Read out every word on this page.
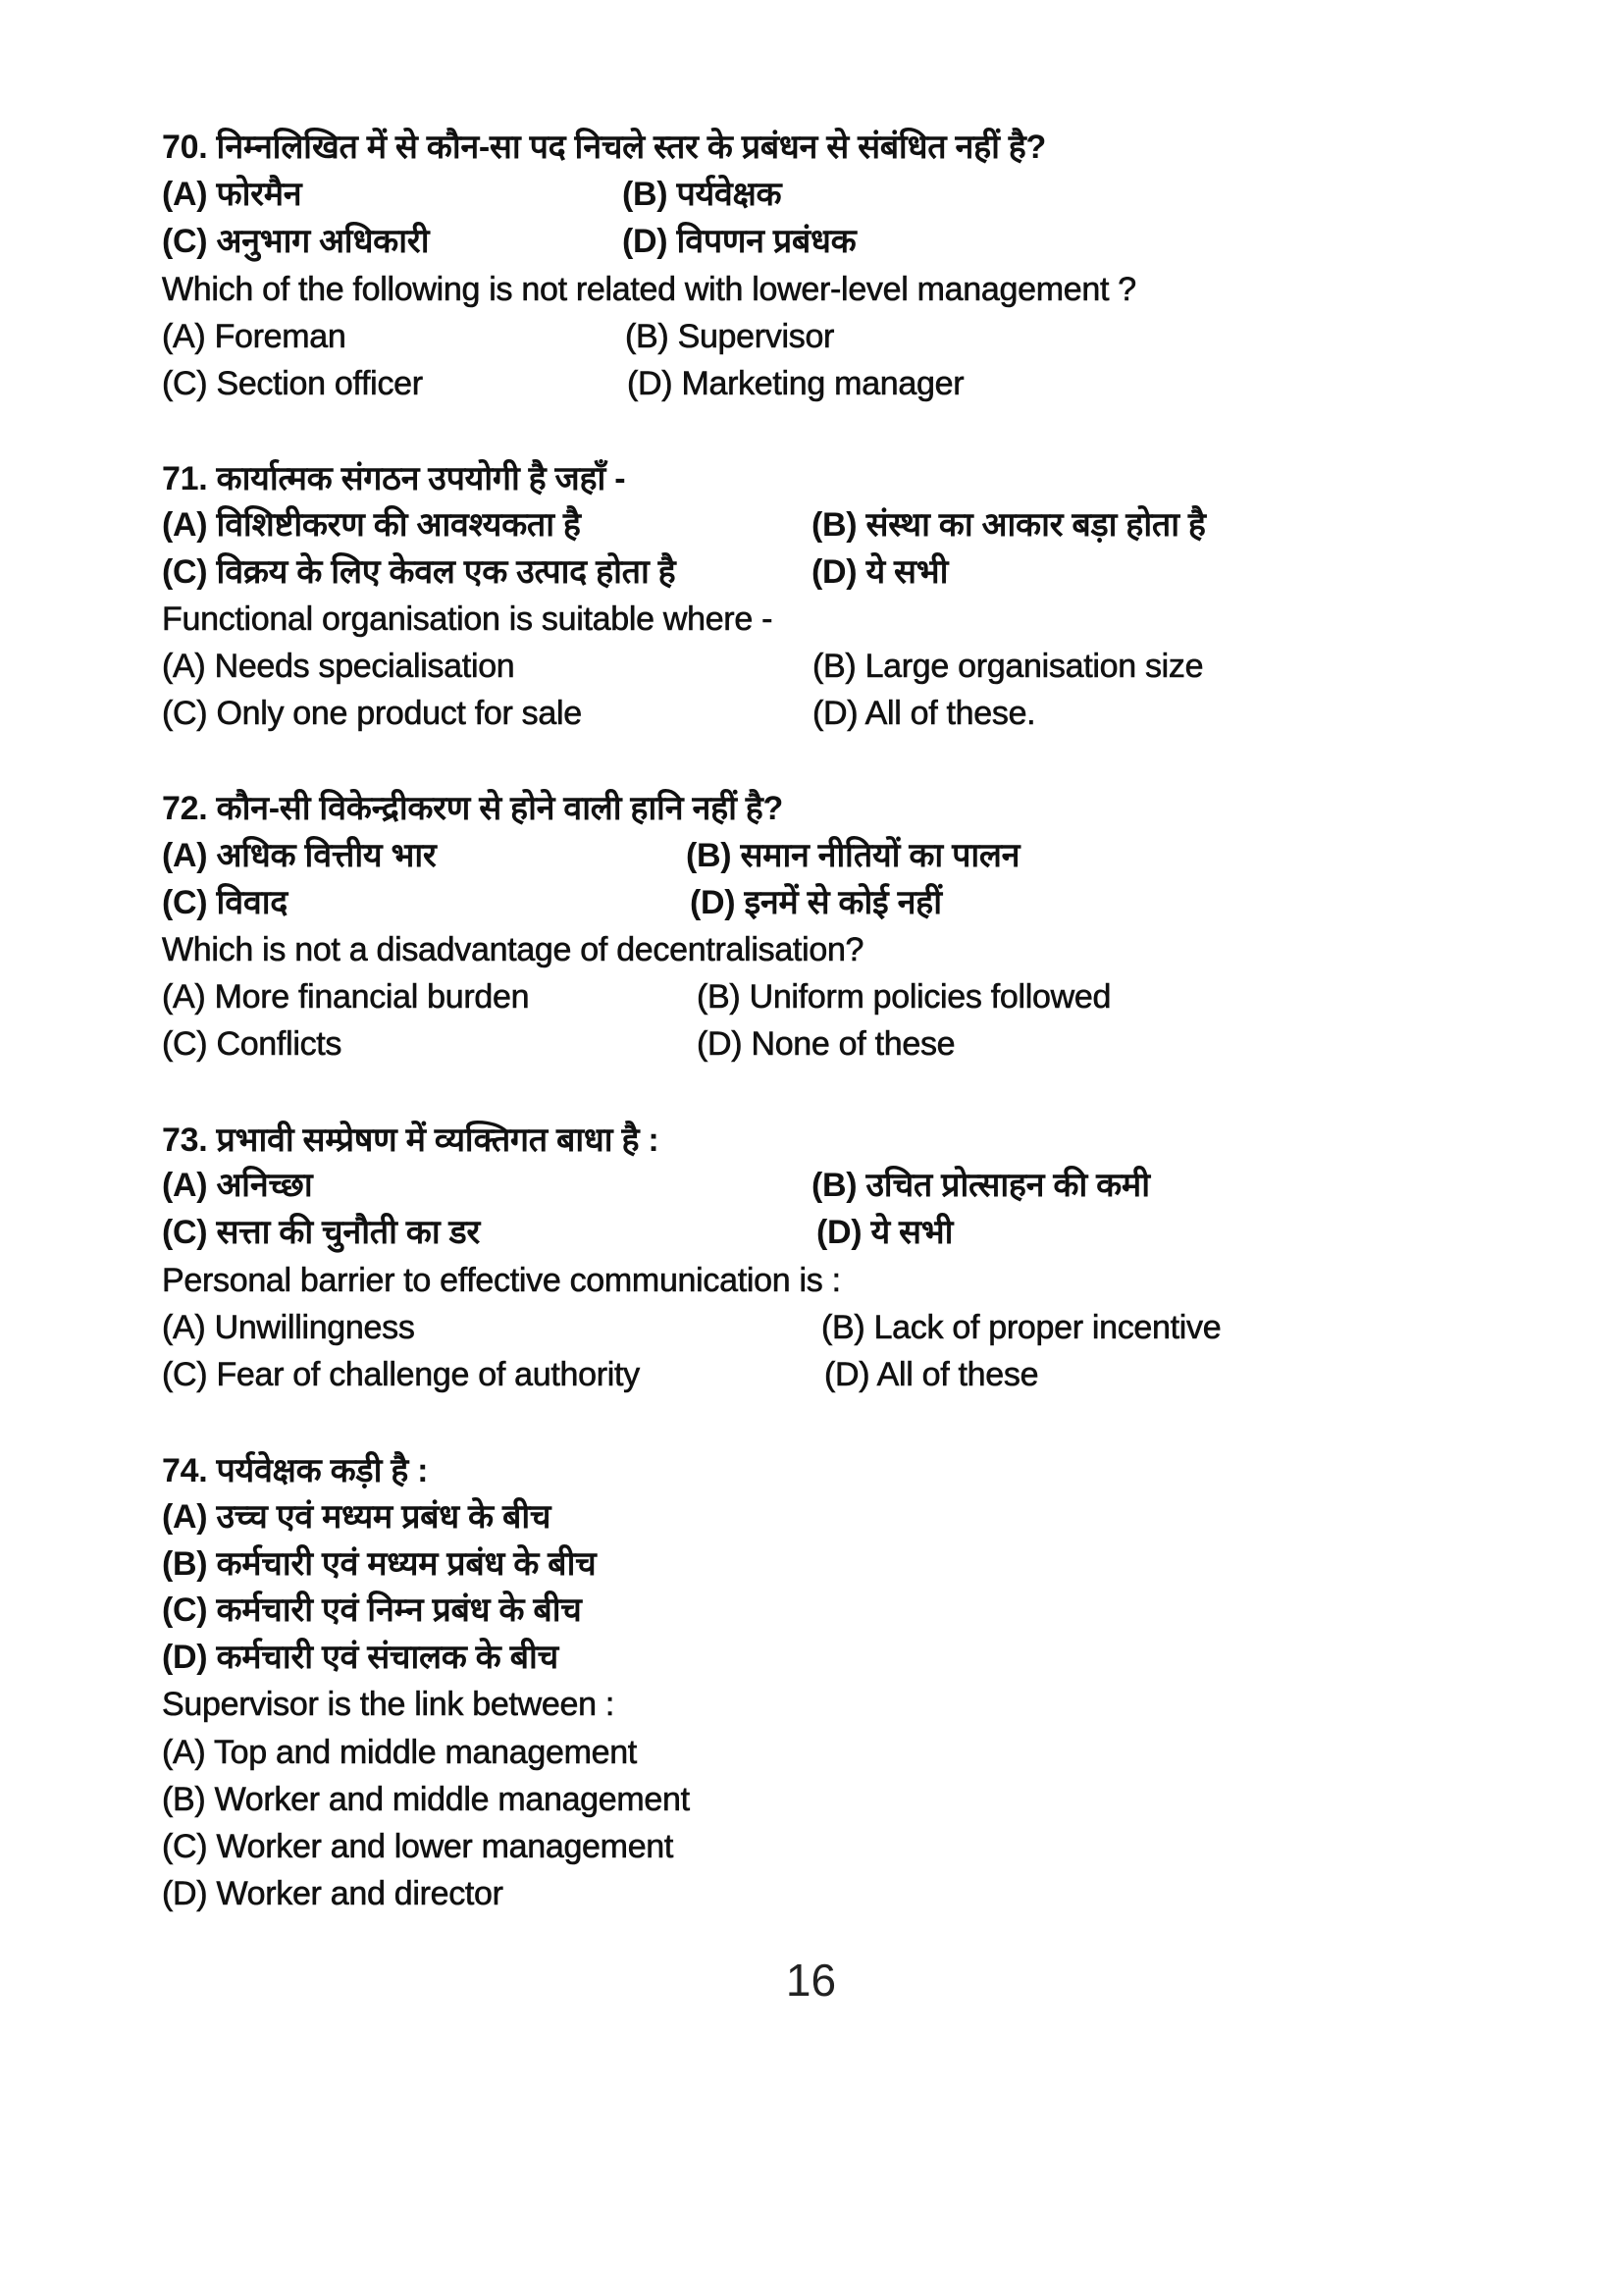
70. निम्नलिखित में से कौन-सा पद निचले स्तर के प्रबंधन से संबंधित नहीं है?
(A) फोरमैन	(B) पर्यवेक्षक
(C) अनुभाग अधिकारी	(D) विपणन प्रबंधक
Which of the following is not related with lower-level management ?
(A) Foreman	(B) Supervisor
(C) Section officer	(D) Marketing manager
71. कार्यात्मक संगठन उपयोगी है जहाँ -
(A) विशिष्टीकरण की आवश्यकता है	(B) संस्था का आकार बड़ा होता है
(C) विक्रय के लिए केवल एक उत्पाद होता है	(D) ये सभी
Functional organisation is suitable where -
(A) Needs specialisation	(B) Large organisation size
(C) Only one product for sale	(D) All of these.
72. कौन-सी विकेन्द्रीकरण से होने वाली हानि नहीं है?
(A) अधिक वित्तीय भार	(B) समान नीतियों का पालन
(C) विवाद	(D) इनमें से कोई नहीं
Which is not a disadvantage of decentralisation?
(A) More financial burden	(B) Uniform policies followed
(C) Conflicts	(D) None of these
73. प्रभावी सम्प्रेषण में व्यक्तिगत बाधा है :
(A) अनिच्छा	(B) उचित प्रोत्साहन की कमी
(C) सत्ता की चुनौती का डर	(D) ये सभी
Personal barrier to effective communication is :
(A) Unwillingness	(B) Lack of proper incentive
(C) Fear of challenge of authority	(D) All of these
74. पर्यवेक्षक कड़ी है :
(A) उच्च एवं मध्यम प्रबंध के बीच
(B) कर्मचारी एवं मध्यम प्रबंध के बीच
(C) कर्मचारी एवं निम्न प्रबंध के बीच
(D) कर्मचारी एवं संचालक के बीच
Supervisor is the link between :
(A) Top and middle management
(B) Worker and middle management
(C) Worker and lower management
(D) Worker and director
16
